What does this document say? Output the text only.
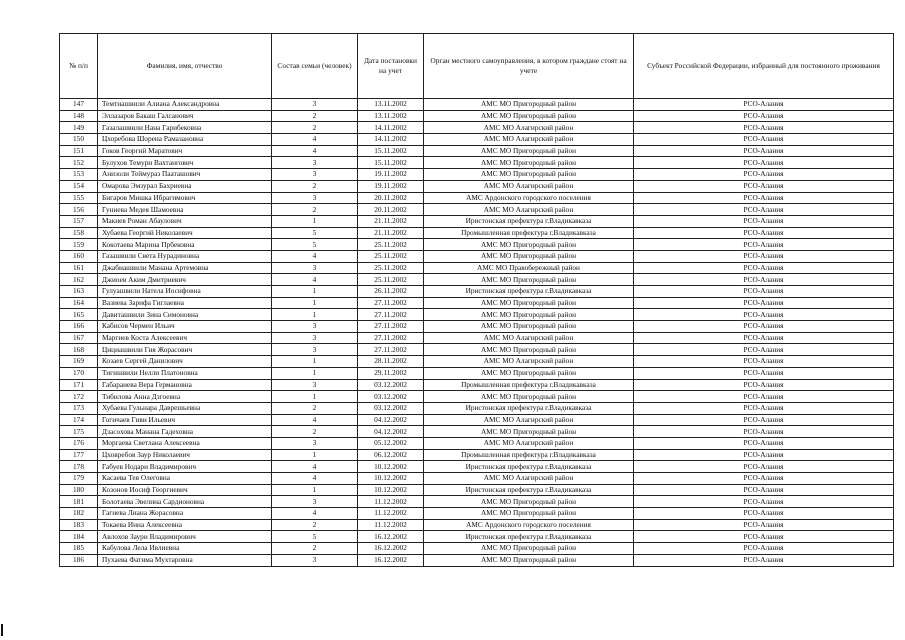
№ п/п	Фамилия, имя, отчество	Состав семьи (человек)	Дата постановки на учет	Орган местного самоуправления, в котором граждане стоят на учете	Субъект Российской Федерации, избранный для постоянного проживания
147	Темтиашвили Алиана Александровна	3	13.11.2002	АМС МО Пригородный район	РСО-Алания
148	Эллазаров Бакаш Галсанович	2	13.11.2002	АМС МО Пригородный район	РСО-Алания
149	Газалашвили Нана Гарибековна	2	14.11.2002	АМС МО Алагирский район	РСО-Алания
150	Цхоребова Шорена Рамазановна	4	14.11.2002	АМС МО Алагирский район	РСО-Алания
151	Гоков Георгий Маратович	4	15.11.2002	АМС МО Пригородный район	РСО-Алания
152	Булухов Темури Вахтангович	3	15.11.2002	АМС МО Пригородный район	РСО-Алания
153	Анизоли Теймураз Пааташович	3	19.11.2002	АМС МО Пригородный район	РСО-Алания
154	Омарова Эмзурал Бахриевна	2	19.11.2002	АМС МО Алагирский район	РСО-Алания
155	Бигаров Мишка Ибрагимович	3	20.11.2002	АМС Ардонского городского поселения	РСО-Алания
156	Гуниева Медея Шамоевна	2	20.11.2002	АМС МО Алагирский район	РСО-Алания
157	Макиев Роман Абаулович	1	21.11.2002	Иристонская префектура г.Владикавказа	РСО-Алания
158	Хубаева Георгий Николаевич	5	21.11.2002	Промышленная префектура г.Владикавказа	РСО-Алания
159	Кокотаева Марина Прбековна	5	25.11.2002	АМС МО Пригородный район	РСО-Алания
160	Газашвили Света Нурадиновна	4	25.11.2002	АМС МО Пригородный район	РСО-Алания
161	Джабиашвили Манана Артемовна	3	25.11.2002	АМС МО Правобережный район	РСО-Алания
162	Джиоев Аким Дмитриевич	4	25.11.2002	АМС МО Пригородный район	РСО-Алания
163	Гулуашвили Натела Иосифовна	1	26.11.2002	Иристонская префектура г.Владикавказа	РСО-Алания
164	Вазиева Зарифа Гиглаевна	1	27.11.2002	АМС МО Пригородный район	РСО-Алания
165	Давиташвили Зина Симоновна	1	27.11.2002	АМС МО Пригородный район	РСО-Алания
166	Кабисов Чермен Ильич	3	27.11.2002	АМС МО Пригородный район	РСО-Алания
167	Маргиев Коста Алексеевич	3	27.11.2002	АМС МО Алагирский район	РСО-Алания
168	Цициашвили Гия Жорасович	3	27.11.2002	АМС МО Пригородный район	РСО-Алания
169	Козаев Сергей Данилович	1	28.11.2002	АМС МО Алагирский район	РСО-Алания
170	Тигишвили Нелли Платоновна	1	29.11.2002	АМС МО Пригородный район	РСО-Алания
171	Габараиева Вера Германовна	3	03.12.2002	Промышленная префектура г.Владикавказа	РСО-Алания
172	Тибилова Анна Дзгоевна	1	03.12.2002	АМС МО Пригородный район	РСО-Алания
173	Хубаева Гульнара Даврешьевна	2	03.12.2002	Иристонская префектура г.Владикавказа	РСО-Алания
174	Гогичаев Гиви Ильевич	4	04.12.2002	АМС МО Алагирский район	РСО-Алания
175	Дзасохова Манана Гадеховна	2	04.12.2002	АМС МО Пригородный район	РСО-Алания
176	Моргаева Светлана Алексеевна	3	05.12.2002	АМС МО Алагирский район	РСО-Алания
177	Цховребов Заур Николаевич	1	06.12.2002	Промышленная префектура г.Владикавказа	РСО-Алания
178	Габуев Нодари Владимирович	4	10.12.2002	Иристонская префектура г.Владикавказа	РСО-Алания
179	Касаева Тея Олеговна	4	10.12.2002	АМС МО Алагирский район	РСО-Алания
180	Козонов Иосиф Георгиевич	1	10.12.2002	Иристонская префектура г.Владикавказа	РСО-Алания
181	Болотаева Эвелина Сардионовна	3	11.12.2002	АМС МО Пригородный район	РСО-Алания
182	Гагиева Лиана Жорасовна	4	11.12.2002	АМС МО Пригородный район	РСО-Алания
183	Токаева Инна Алексеевна	2	11.12.2002	АМС Ардонского городского поселения	РСО-Алания
184	Авлохов Заури Владимирович	5	16.12.2002	Иристонская префектура г.Владикавказа	РСО-Алания
185	Кабулова Лела Ивлиевна	2	16.12.2002	АМС МО Пригородный район	РСО-Алания
186	Пухаева Фатима Мухтаровна	3	16.12.2002	АМС МО Пригородный район	РСО-Алания
